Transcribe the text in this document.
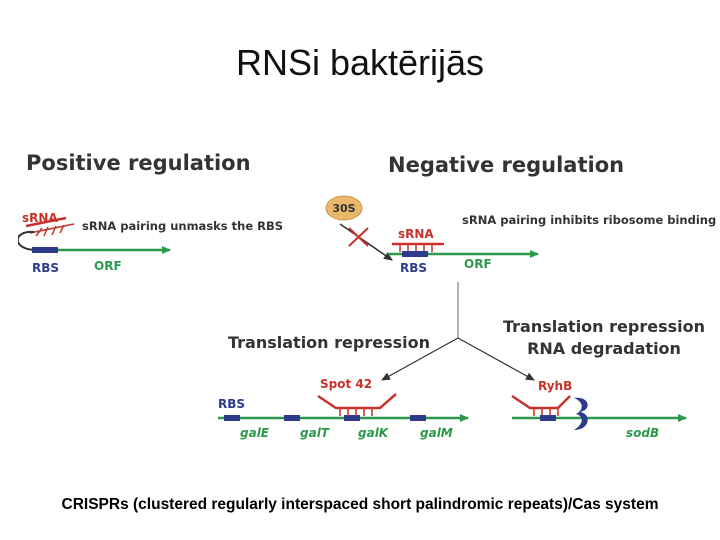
RNSi baktērijās
Positive regulation
sRNA
RBS	ORF
sRNA pairing unmasks the RBS
Negative regulation
30S
sRNA
RBS	ORF
sRNA pairing inhibits ribosome binding
Translation repression
RBS
Spot 42
galE	galT galK	galM
Translation repression
RNA degradation
RyhB
sodB
CRISPRs (clustered regularly interspaced short palindromic repeats)/Cas system
